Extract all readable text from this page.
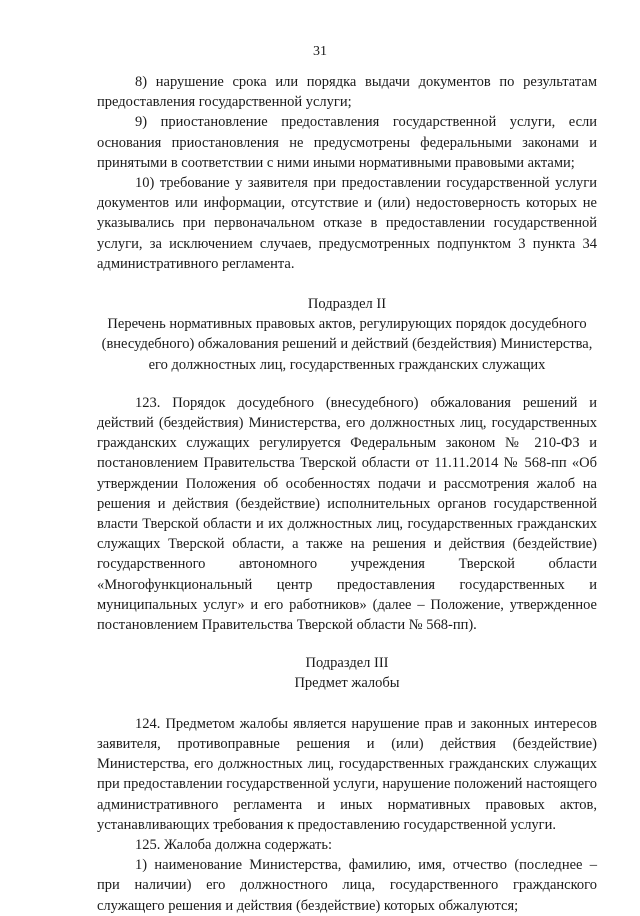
31

8) нарушение срока или порядка выдачи документов по результатам предоставления государственной услуги;

9) приостановление предоставления государственной услуги, если основания приостановления не предусмотрены федеральными законами и принятыми в соответствии с ними иными нормативными правовыми актами;

10) требование у заявителя при предоставлении государственной услуги документов или информации, отсутствие и (или) недостоверность которых не указывались при первоначальном отказе в предоставлении государственной услуги, за исключением случаев, предусмотренных подпунктом 3 пункта 34 административного регламента.

Подраздел II

Перечень нормативных правовых актов, регулирующих порядок досудебного (внесудебного) обжалования решений и действий (бездействия) Министерства, его должностных лиц, государственных гражданских служащих

123. Порядок досудебного (внесудебного) обжалования решений и действий (бездействия) Министерства, его должностных лиц, государственных гражданских служащих регулируется Федеральным законом № 210-ФЗ и постановлением Правительства Тверской области от 11.11.2014 № 568-пп «Об утверждении Положения об особенностях подачи и рассмотрения жалоб на решения и действия (бездействие) исполнительных органов государственной власти Тверской области и их должностных лиц, государственных гражданских служащих Тверской области, а также на решения и действия (бездействие) государственного автономного учреждения Тверской области «Многофункциональный центр предоставления государственных и муниципальных услуг» и его работников» (далее – Положение, утвержденное постановлением Правительства Тверской области № 568-пп).

Подраздел III

Предмет жалобы

124. Предметом жалобы является нарушение прав и законных интересов заявителя, противоправные решения и (или) действия (бездействие) Министерства, его должностных лиц, государственных гражданских служащих при предоставлении государственной услуги, нарушение положений настоящего административного регламента и иных нормативных правовых актов, устанавливающих требования к предоставлению государственной услуги.

125. Жалоба должна содержать:

1) наименование Министерства, фамилию, имя, отчество (последнее – при наличии) его должностного лица, государственного гражданского служащего решения и действия (бездействие) которых обжалуются;
